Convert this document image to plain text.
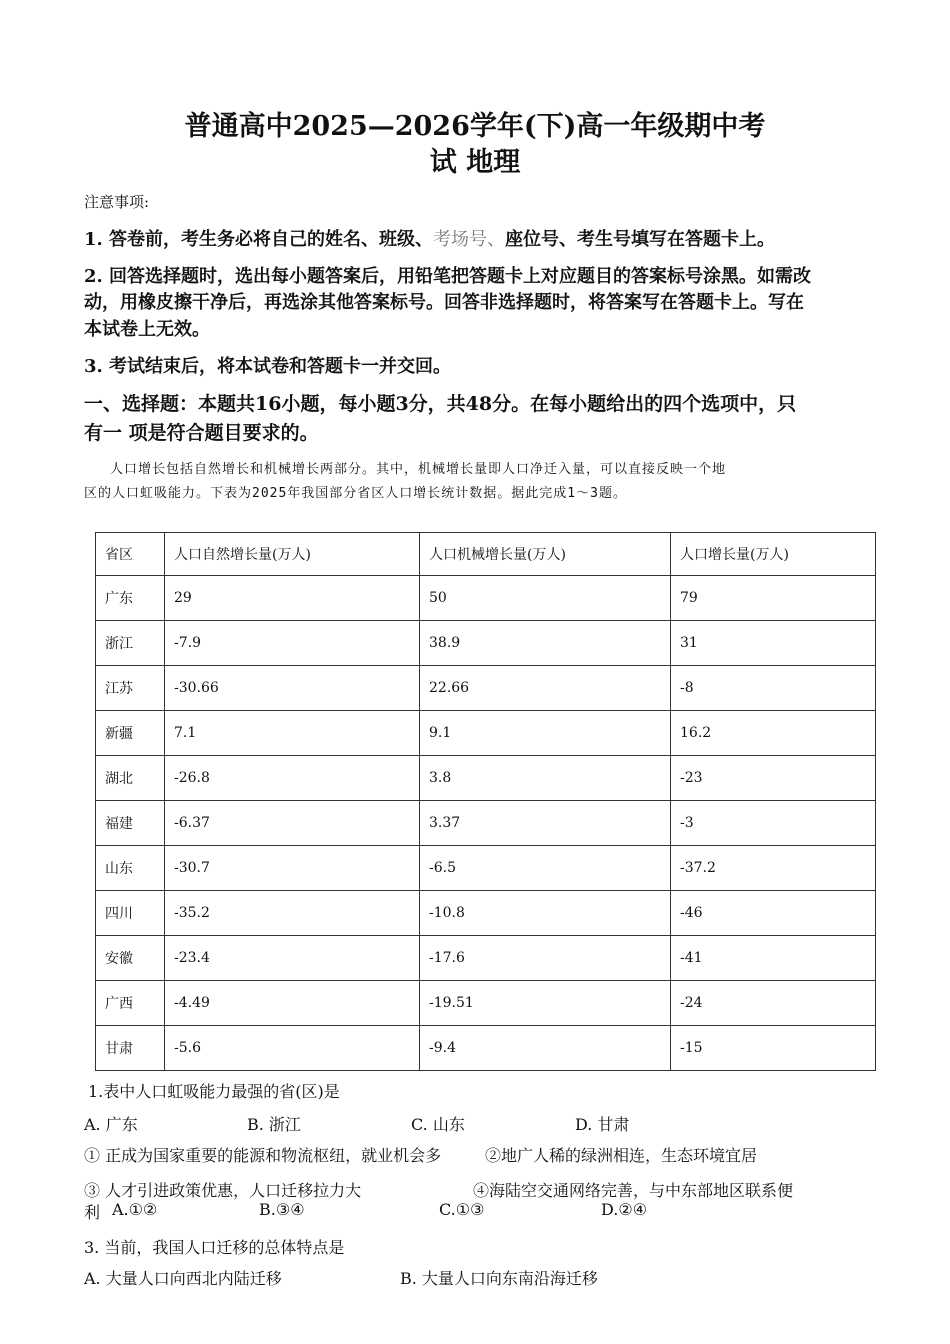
普通高中2025—2026学年(下)高一年级期中考
试 地理
注意事项:
1. 答卷前，考生务必将自己的姓名、班级、考场号、座位号、考生号填写在答题卡上。
2. 回答选择题时，选出每小题答案后，用铅笔把答题卡上对应题目的答案标号涂黑。如需改
动，用橡皮擦干净后，再选涂其他答案标号。回答非选择题时，将答案写在答题卡上。写在
本试卷上无效。
3. 考试结束后，将本试卷和答题卡一并交回。
一、选择题：本题共16小题，每小题3分，共48分。在每小题给出的四个选项中，只
有一 项是符合题目要求的。
人口增长包括自然增长和机械增长两部分。其中，机械增长量即人口净迁入量，可以直接反映一个地
区的人口虹吸能力。下表为2025年我国部分省区人口增长统计数据。据此完成1～3题。
省区	人口自然增长量(万人)	人口机械增长量(万人)	人口增长量(万人)
广东	29	50	79
浙江	-7.9	38.9	31
江苏	-30.66	22.66	-8
新疆	7.1	9.1	16.2
湖北	-26.8	3.8	-23
福建	-6.37	3.37	-3
山东	-30.7	-6.5	-37.2
四川	-35.2	-10.8	-46
安徽	-23.4	-17.6	-41
广西	-4.49	-19.51	-24
甘肃	-5.6	-9.4	-15
1.表中人口虹吸能力最强的省(区)是
A. 广东	B. 浙江	C. 山东	D. 甘肃
① 正成为国家重要的能源和物流枢纽，就业机会多	②地广人稀的绿洲相连，生态环境宜居
③ 人才引进政策优惠，人口迁移拉力大	④海陆空交通网络完善，与中东部地区联系便
利 A.①②	B.③④	C.①③	D.②④
3. 当前，我国人口迁移的总体特点是
A. 大量人口向西北内陆迁移	B. 大量人口向东南沿海迁移
